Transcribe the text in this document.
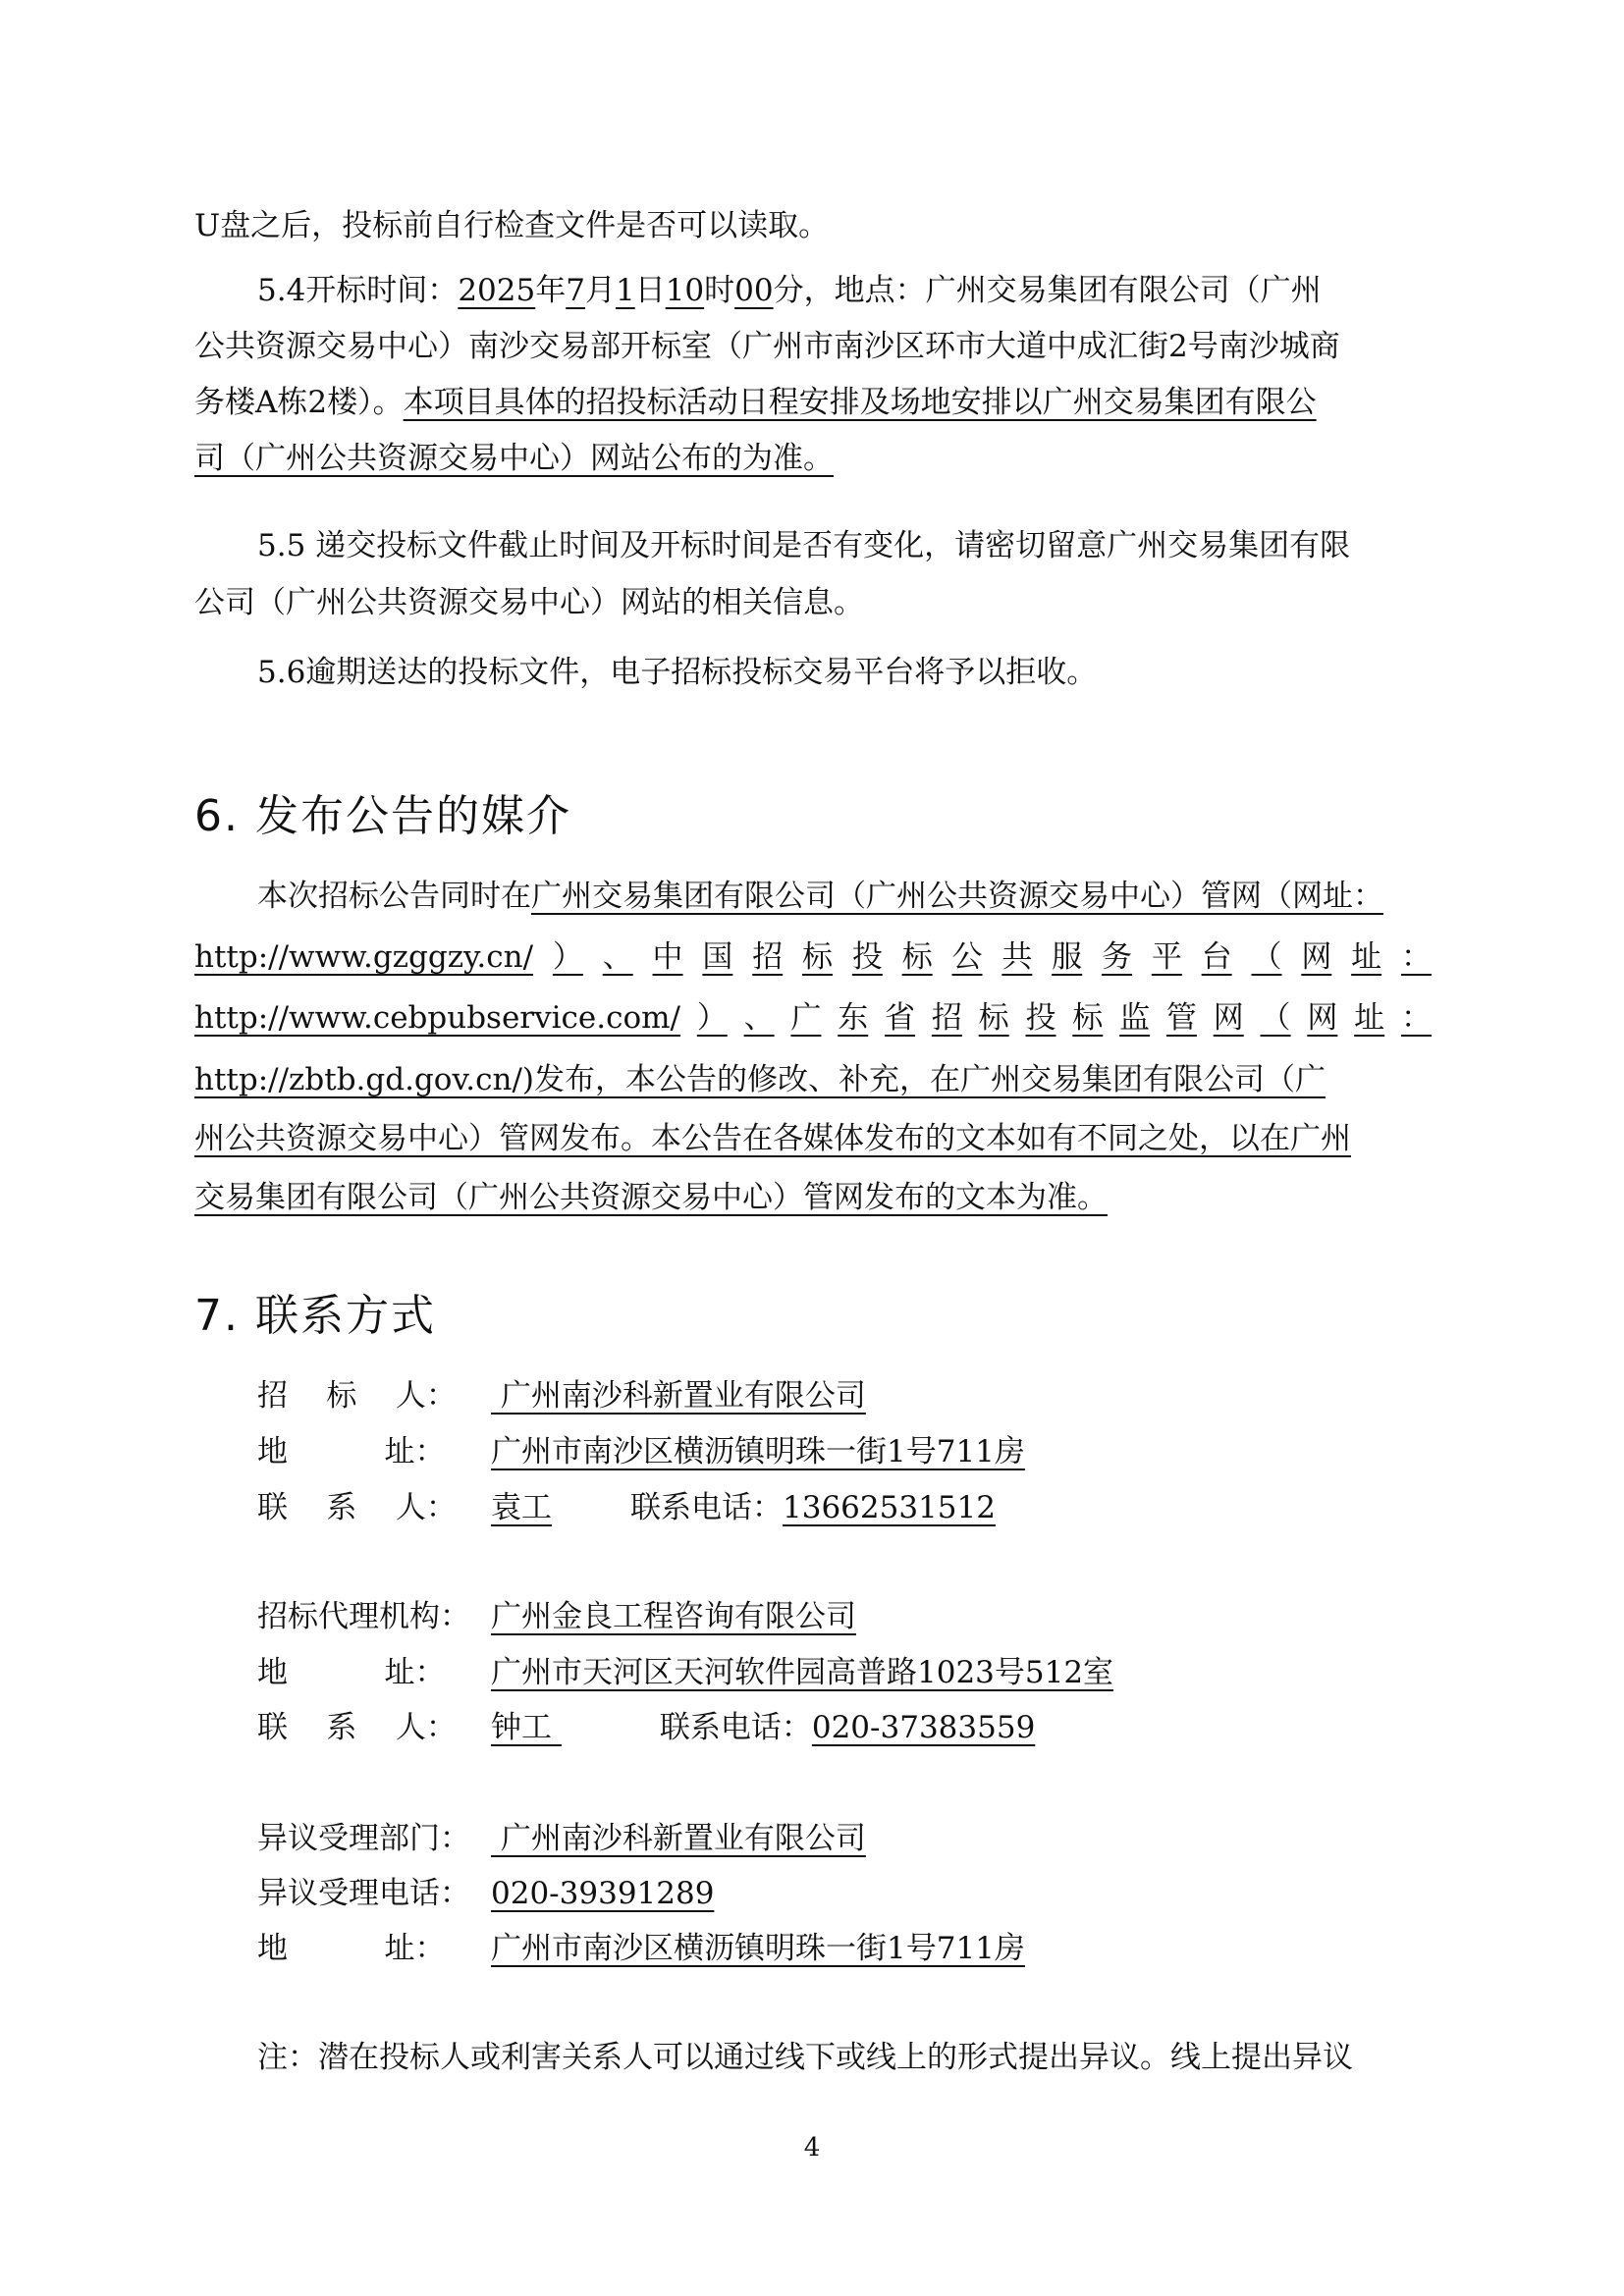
U盘之后，投标前自行检查文件是否可以读取。
5.4开标时间：2025年7月1日10时00分，地点：广州交易集团有限公司（广州
公共资源交易中心）南沙交易部开标室（广州市南沙区环市大道中成汇街2号南沙城商
务楼A栋2楼）。本项目具体的招投标活动日程安排及场地安排以广州交易集团有限公
司（广州公共资源交易中心）网站公布的为准。
5.5 递交投标文件截止时间及开标时间是否有变化，请密切留意广州交易集团有限
公司（广州公共资源交易中心）网站的相关信息。
5.6逾期送达的投标文件，电子招标投标交易平台将予以拒收。
6. 发布公告的媒介
本次招标公告同时在广州交易集团有限公司（广州公共资源交易中心）管网（网址：
http://www.gzggzy.cn/ ） 、 中 国 招 标 投 标 公 共 服 务 平 台 （ 网 址 ：
http://www.cebpubservice.com/ ） 、 广 东 省 招 标 投 标 监 管 网 （ 网 址 ：
http://zbtb.gd.gov.cn/)发布，本公告的修改、补充，在广州交易集团有限公司（广
州公共资源交易中心）管网发布。本公告在各媒体发布的文本如有不同之处，以在广州
交易集团有限公司（广州公共资源交易中心）管网发布的文本为准。
7. 联系方式
招    标    人： 广州南沙科新置业有限公司
地          址： 广州市南沙区横沥镇明珠一街1号711房
联    系    人： 袁工	联系电话：13662531512
招标代理机构： 广州金良工程咨询有限公司
地          址： 广州市天河区天河软件园高普路1023号512室
联    系    人： 钟工	联系电话：020-37383559
异议受理部门： 广州南沙科新置业有限公司
异议受理电话： 020-39391289
地          址： 广州市南沙区横沥镇明珠一街1号711房
注：潜在投标人或利害关系人可以通过线下或线上的形式提出异议。线上提出异议
4
